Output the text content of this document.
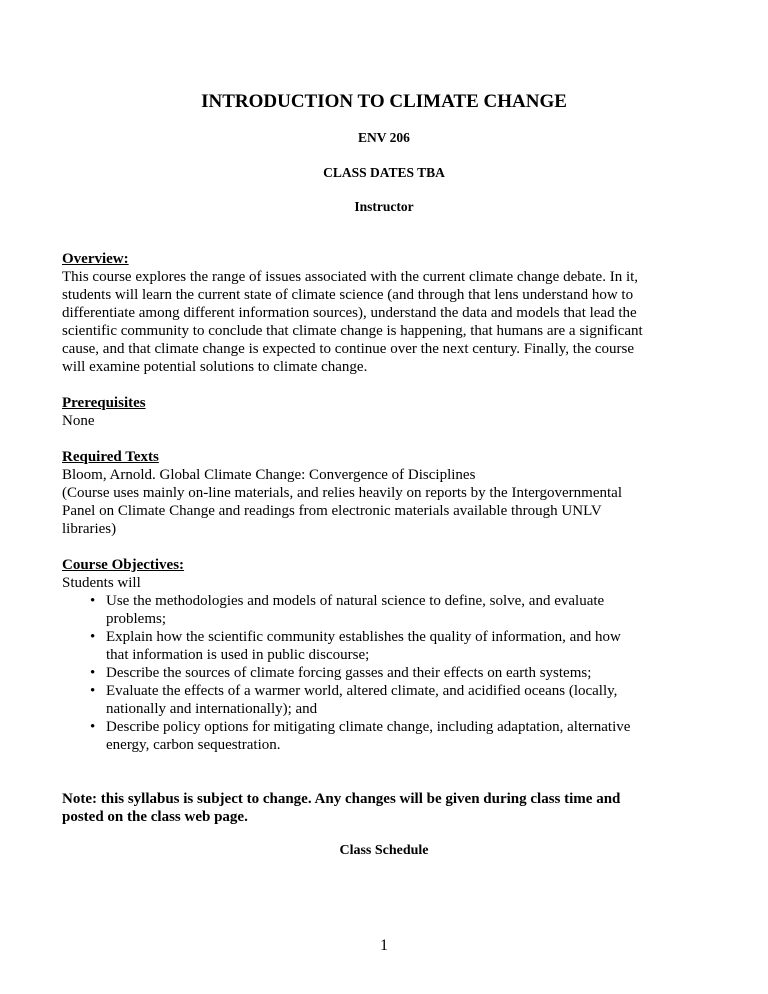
INTRODUCTION TO CLIMATE CHANGE
ENV 206
CLASS DATES TBA
Instructor
Overview:
This course explores the range of issues associated with the current climate change debate. In it,
students will learn the current state of climate science (and through that lens understand how to
differentiate among different information sources), understand the data and models that lead the
scientific community to conclude that climate change is happening, that humans are a significant
cause, and that climate change is expected to continue over the next century. Finally, the course
will examine potential solutions to climate change.
Prerequisites
None
Required Texts
Bloom, Arnold. Global Climate Change: Convergence of Disciplines
(Course uses mainly on-line materials, and relies heavily on reports by the Intergovernmental
Panel on Climate Change and readings from electronic materials available through UNLV
libraries)
Course Objectives:
Students will
• Use the methodologies and models of natural science to define, solve, and evaluate
problems;
• Explain how the scientific community establishes the quality of information, and how
that information is used in public discourse;
• Describe the sources of climate forcing gasses and their effects on earth systems;
• Evaluate the effects of a warmer world, altered climate, and acidified oceans (locally,
nationally and internationally); and
• Describe policy options for mitigating climate change, including adaptation, alternative
energy, carbon sequestration.
Note: this syllabus is subject to change. Any changes will be given during class time and
posted on the class web page.
Class Schedule
1
